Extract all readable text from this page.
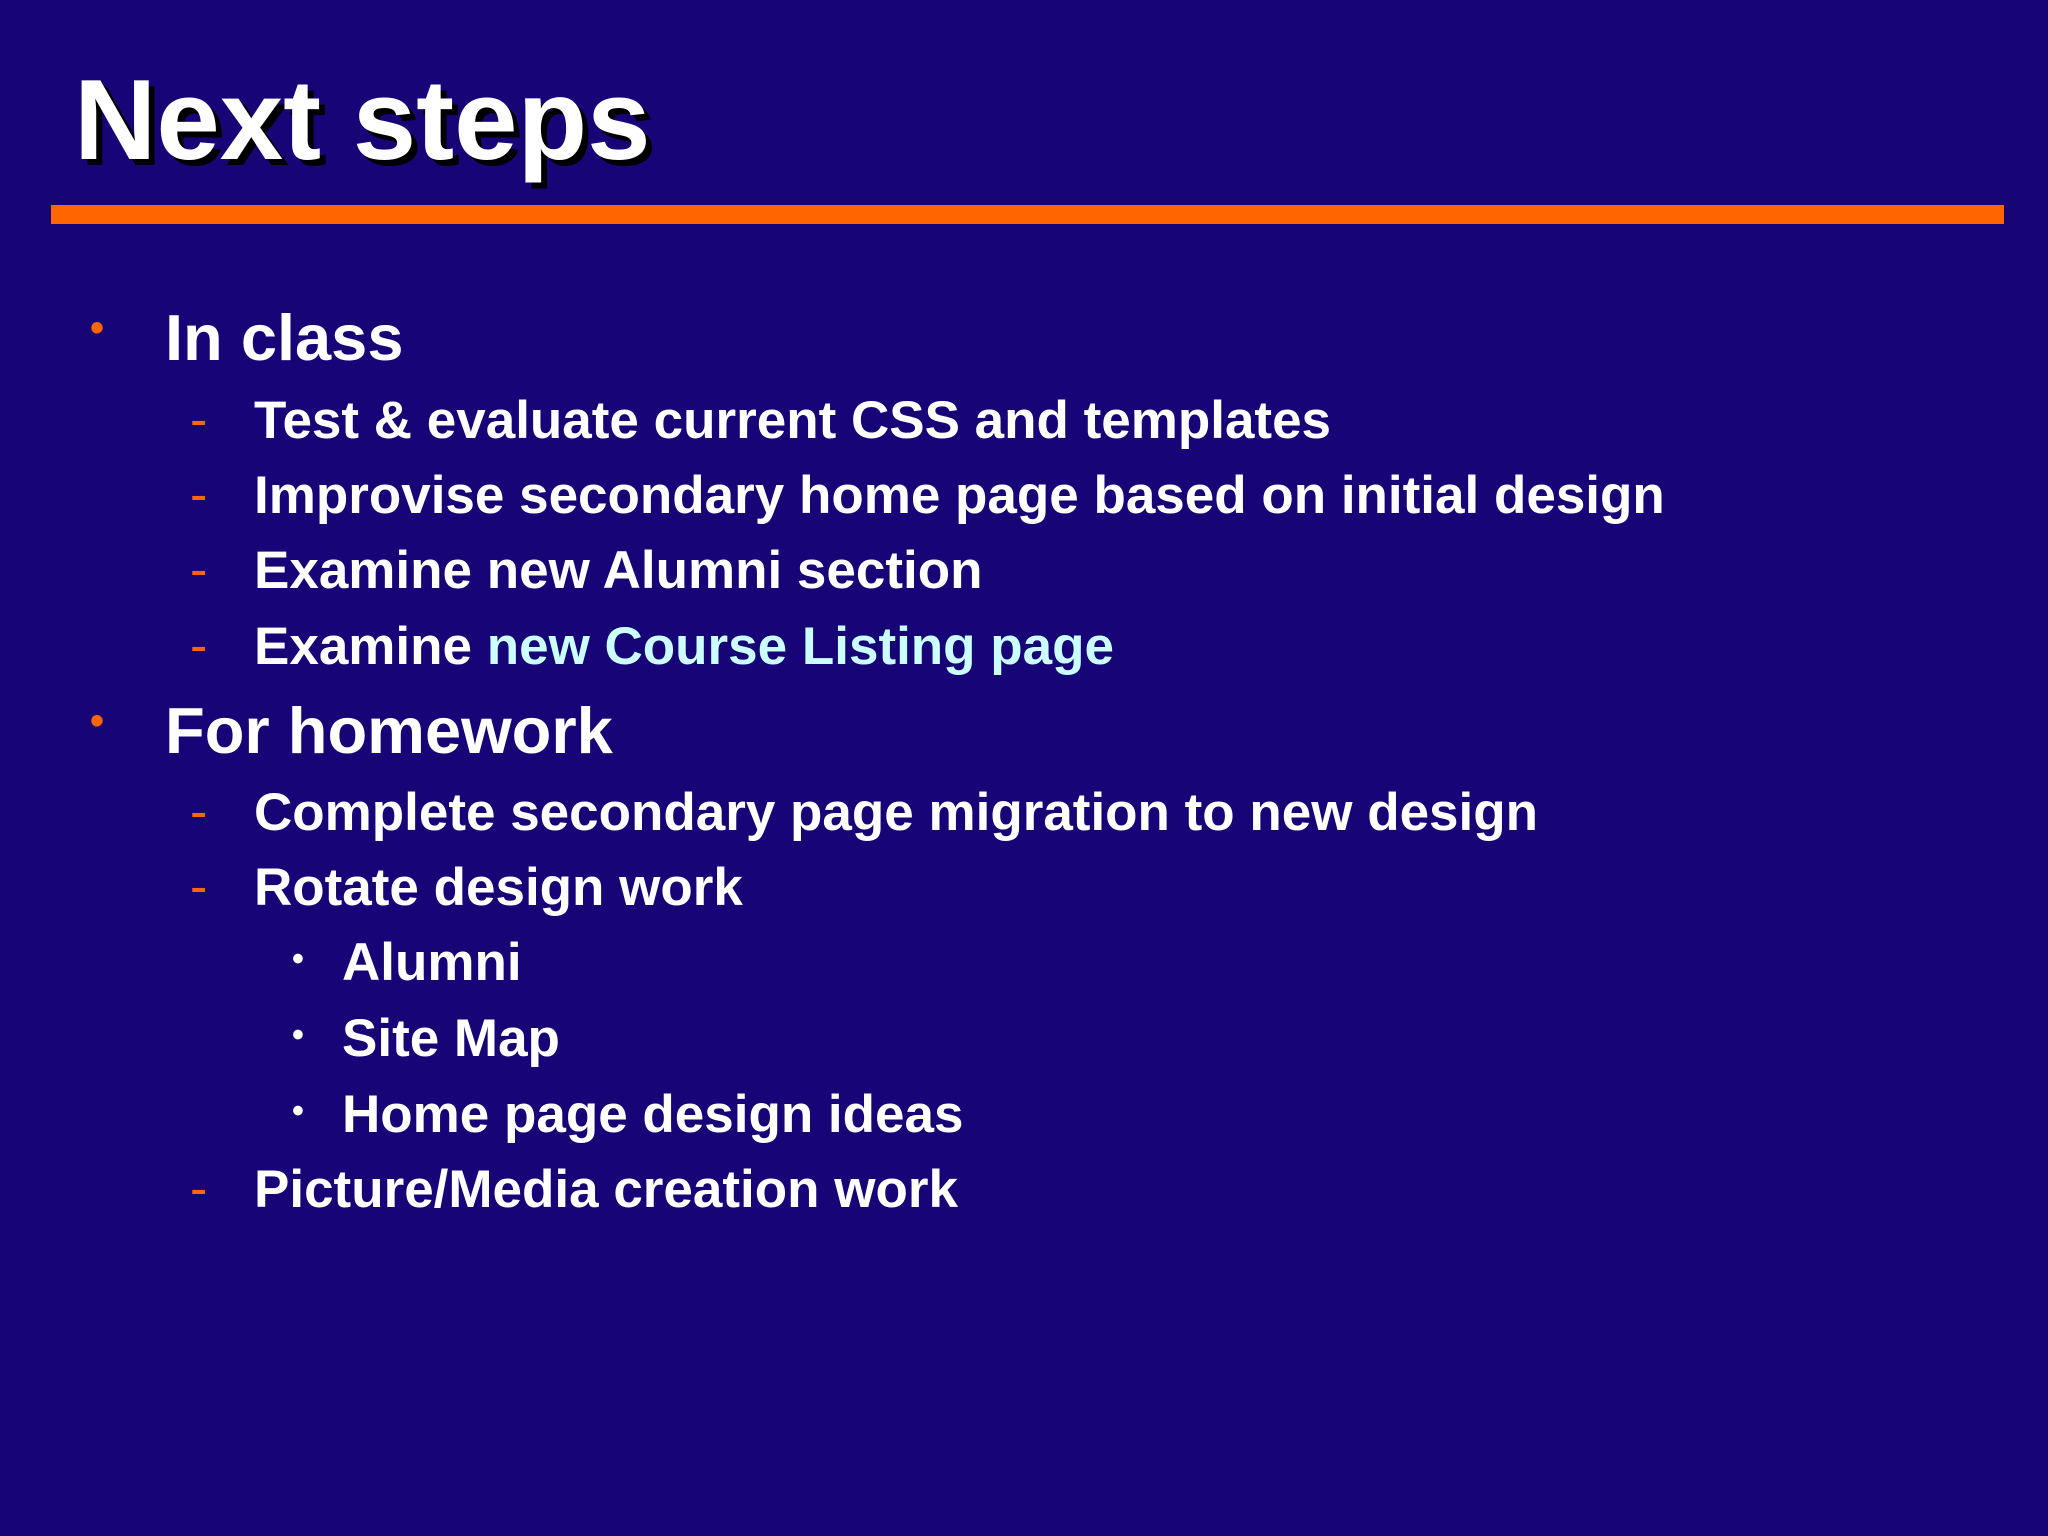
Next steps
• In class
- Test & evaluate current CSS and templates
- Improvise secondary home page based on initial design
- Examine new Alumni section
- Examine new Course Listing page
• For homework
- Complete secondary page migration to new design
- Rotate design work
• Alumni
• Site Map
• Home page design ideas
- Picture/Media creation work
